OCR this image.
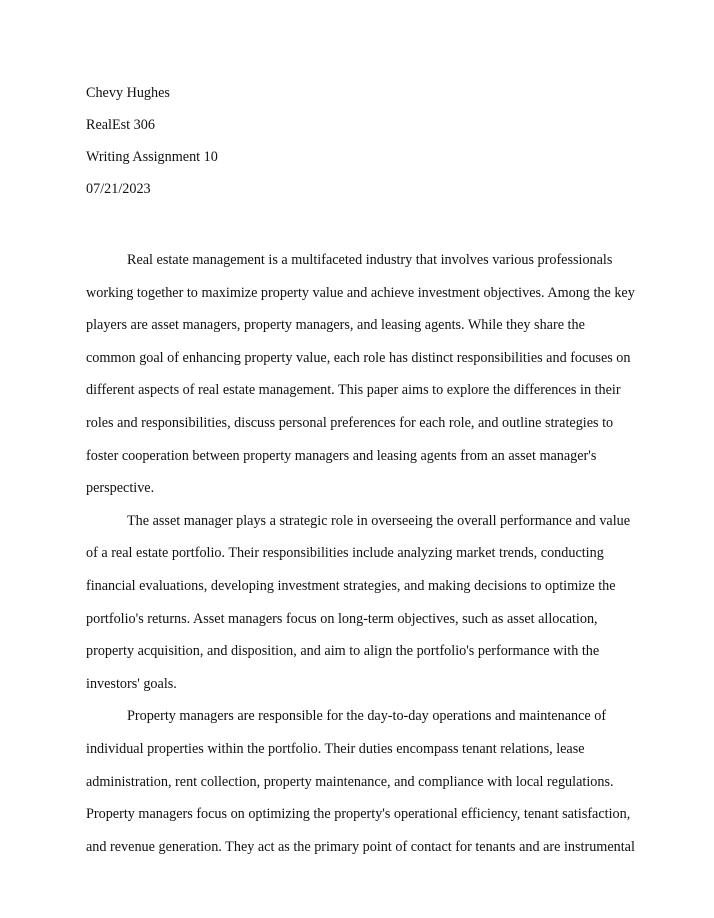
Chevy Hughes
RealEst 306
Writing Assignment 10
07/21/2023

Real estate management is a multifaceted industry that involves various professionals working together to maximize property value and achieve investment objectives. Among the key players are asset managers, property managers, and leasing agents. While they share the common goal of enhancing property value, each role has distinct responsibilities and focuses on different aspects of real estate management. This paper aims to explore the differences in their roles and responsibilities, discuss personal preferences for each role, and outline strategies to foster cooperation between property managers and leasing agents from an asset manager's perspective.

The asset manager plays a strategic role in overseeing the overall performance and value of a real estate portfolio. Their responsibilities include analyzing market trends, conducting financial evaluations, developing investment strategies, and making decisions to optimize the portfolio's returns. Asset managers focus on long-term objectives, such as asset allocation, property acquisition, and disposition, and aim to align the portfolio's performance with the investors' goals.

Property managers are responsible for the day-to-day operations and maintenance of individual properties within the portfolio. Their duties encompass tenant relations, lease administration, rent collection, property maintenance, and compliance with local regulations. Property managers focus on optimizing the property's operational efficiency, tenant satisfaction, and revenue generation. They act as the primary point of contact for tenants and are instrumental
